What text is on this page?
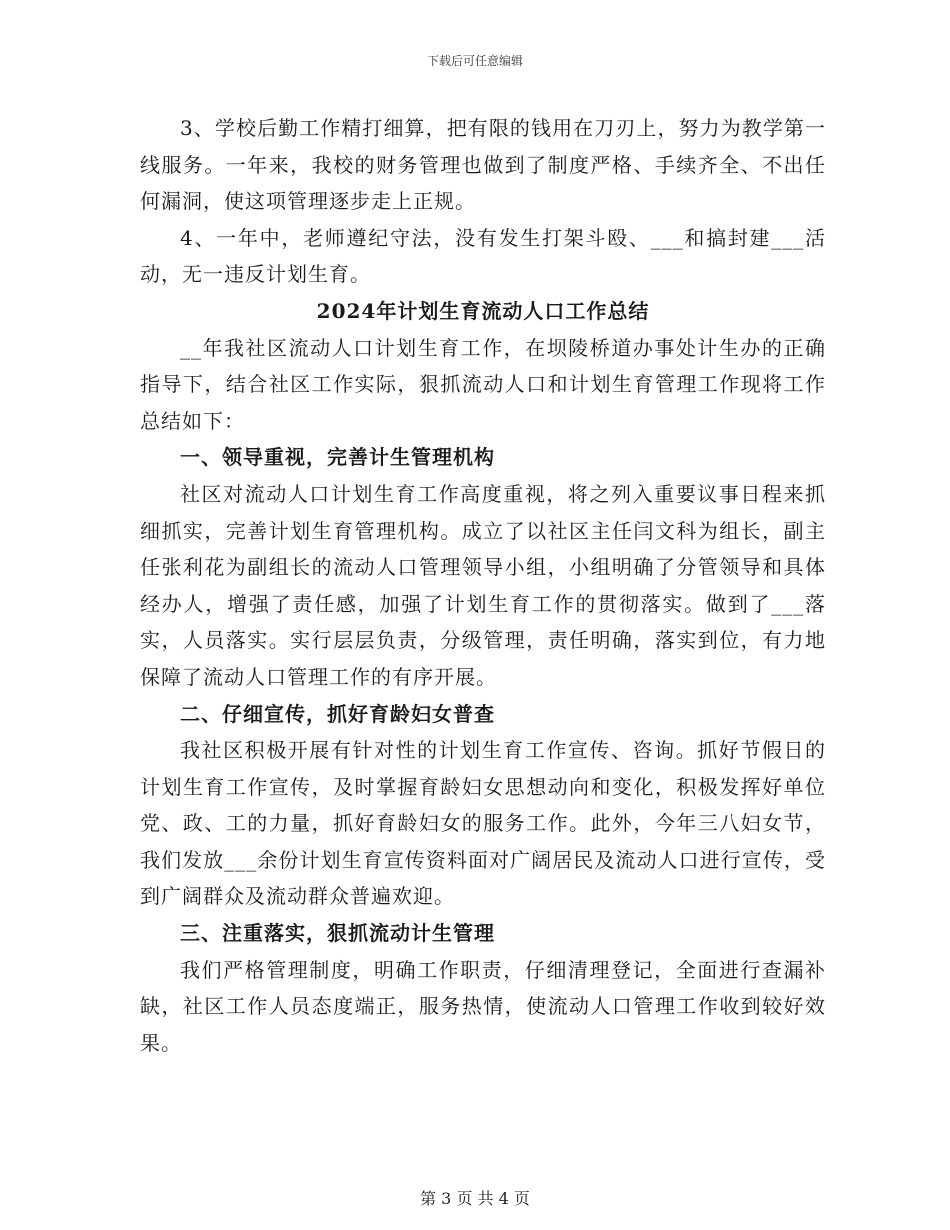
下载后可任意编辑

3、学校后勤工作精打细算，把有限的钱用在刀刃上，努力为教学第一线服务。一年来，我校的财务管理也做到了制度严格、手续齐全、不出任何漏洞，使这项管理逐步走上正规。

4、一年中，老师遵纪守法，没有发生打架斗殴、___和搞封建___活动，无一违反计划生育。

2024年计划生育流动人口工作总结

__年我社区流动人口计划生育工作，在坝陵桥道办事处计生办的正确指导下，结合社区工作实际，狠抓流动人口和计划生育管理工作现将工作总结如下：

一、领导重视，完善计生管理机构

社区对流动人口计划生育工作高度重视，将之列入重要议事日程来抓细抓实，完善计划生育管理机构。成立了以社区主任闫文科为组长，副主任张利花为副组长的流动人口管理领导小组，小组明确了分管领导和具体经办人，增强了责任感，加强了计划生育工作的贯彻落实。做到了___落实，人员落实。实行层层负责，分级管理，责任明确，落实到位，有力地保障了流动人口管理工作的有序开展。

二、仔细宣传，抓好育龄妇女普查

我社区积极开展有针对性的计划生育工作宣传、咨询。抓好节假日的计划生育工作宣传，及时掌握育龄妇女思想动向和变化，积极发挥好单位党、政、工的力量，抓好育龄妇女的服务工作。此外，今年三八妇女节，我们发放___余份计划生育宣传资料面对广阔居民及流动人口进行宣传，受到广阔群众及流动群众普遍欢迎。

三、注重落实，狠抓流动计生管理

我们严格管理制度，明确工作职责，仔细清理登记，全面进行查漏补缺，社区工作人员态度端正，服务热情，使流动人口管理工作收到较好效果。

第 3 页 共 4 页
